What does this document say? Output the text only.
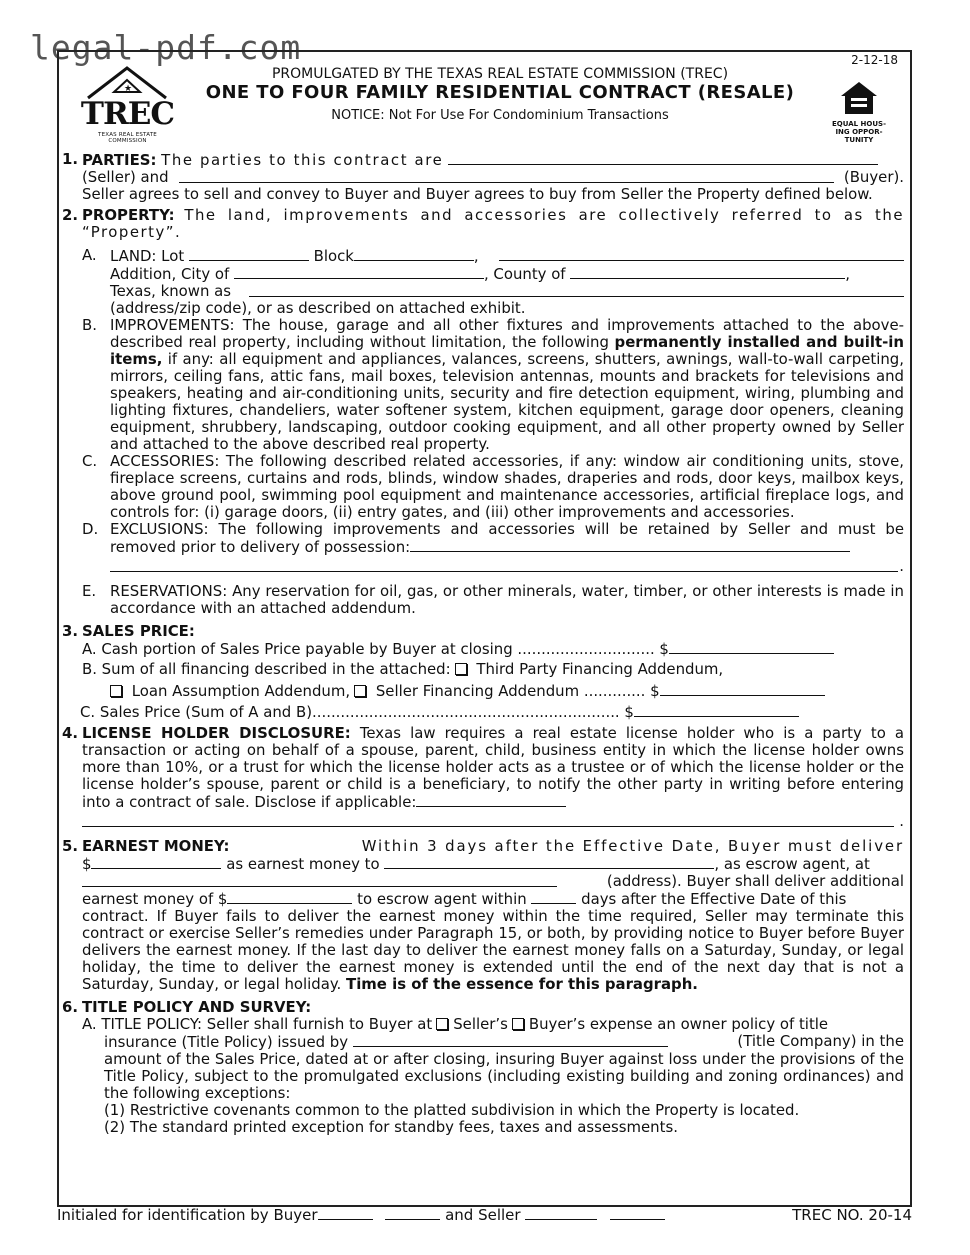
legal-pdf.com	2-12-18
★
TREC
TEXAS REAL ESTATE COMMISSION
EQUAL HOUS-ING OPPOR-TUNITY
PROMULGATED BY THE TEXAS REAL ESTATE COMMISSION (TREC)
ONE TO FOUR FAMILY RESIDENTIAL CONTRACT (RESALE)
NOTICE: Not For Use For Condominium Transactions
1. PARTIES: The parties to this contract are
(Seller) and	(Buyer).
Seller agrees to sell and convey to Buyer and Buyer agrees to buy from Seller the Property defined below.
2. PROPERTY: The land, improvements and accessories are collectively referred to as the “Property”.
A. LAND: Lot	Block	,
Addition, City of	, County of	,
Texas, known as
(address/zip code), or as described on attached exhibit.
B. IMPROVEMENTS: The house, garage and all other fixtures and improvements attached to the above-described real property, including without limitation, the following permanently installed and built-in items, if any: all equipment and appliances, valances, screens, shutters, awnings, wall-to-wall carpeting, mirrors, ceiling fans, attic fans, mail boxes, television antennas, mounts and brackets for televisions and speakers, heating and air-conditioning units, security and fire detection equipment, wiring, plumbing and lighting fixtures, chandeliers, water softener system, kitchen equipment, garage door openers, cleaning equipment, shrubbery, landscaping, outdoor cooking equipment, and all other property owned by Seller and attached to the above described real property.
C. ACCESSORIES: The following described related accessories, if any: window air conditioning units, stove, fireplace screens, curtains and rods, blinds, window shades, draperies and rods, door keys, mailbox keys, above ground pool, swimming pool equipment and maintenance accessories, artificial fireplace logs, and controls for: (i) garage doors, (ii) entry gates, and (iii) other improvements and accessories.
D. EXCLUSIONS: The following improvements and accessories will be retained by Seller and must be removed prior to delivery of possession:
.
E. RESERVATIONS: Any reservation for oil, gas, or other minerals, water, timber, or other interests is made in accordance with an attached addendum.
3. SALES PRICE:
A. Cash portion of Sales Price payable by Buyer at closing ............................. $
B. Sum of all financing described in the attached: Third Party Financing Addendum,
Loan Assumption Addendum, Seller Financing Addendum ............. $
C. Sales Price (Sum of A and B)................................................................. $
4. LICENSE HOLDER DISCLOSURE: Texas law requires a real estate license holder who is a party to a transaction or acting on behalf of a spouse, parent, child, business entity in which the license holder owns more than 10%, or a trust for which the license holder acts as a trustee or of which the license holder or the license holder’s spouse, parent or child is a beneficiary, to notify the other party in writing before entering into a contract of sale. Disclose if applicable:
.
5. EARNEST MONEY:	Within 3 days after the Effective Date, Buyer must deliver
$	as earnest money to	, as escrow agent, at
(address). Buyer shall deliver additional
earnest money of $	to escrow agent within	days after the Effective Date of this
contract. If Buyer fails to deliver the earnest money within the time required, Seller may terminate this contract or exercise Seller’s remedies under Paragraph 15, or both, by providing notice to Buyer before Buyer delivers the earnest money. If the last day to deliver the earnest money falls on a Saturday, Sunday, or legal holiday, the time to deliver the earnest money is extended until the end of the next day that is not a Saturday, Sunday, or legal holiday. Time is of the essence for this paragraph.
6. TITLE POLICY AND SURVEY:
A. TITLE POLICY: Seller shall furnish to Buyer at Seller’s Buyer’s expense an owner policy of title
insurance (Title Policy) issued by	(Title Company) in the
amount of the Sales Price, dated at or after closing, insuring Buyer against loss under the provisions of the Title Policy, subject to the promulgated exclusions (including existing building and zoning ordinances) and the following exceptions:
(1) Restrictive covenants common to the platted subdivision in which the Property is located.
(2) The standard printed exception for standby fees, taxes and assessments.
Initialed for identification by Buyer	and Seller	TREC NO. 20-14
